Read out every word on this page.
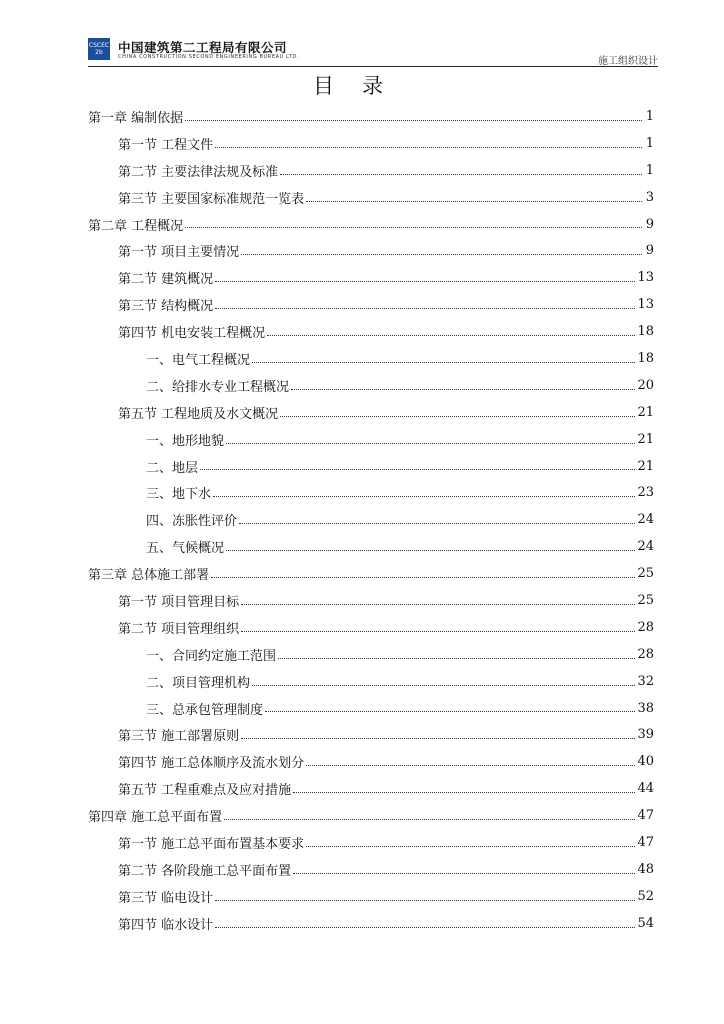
CSCEC 2b	中国建筑第二工程局有限公司
CHINA CONSTRUCTION SECOND ENGINEERING BUREAU LTD.	施工组织设计
目录
第一章 编制依据	1
第一节 工程文件	1
第二节 主要法律法规及标准	1
第三节 主要国家标准规范一览表	3
第二章 工程概况	9
第一节 项目主要情况	9
第二节 建筑概况	13
第三节 结构概况	13
第四节 机电安装工程概况	18
一、电气工程概况	18
二、给排水专业工程概况	20
第五节 工程地质及水文概况	21
一、地形地貌	21
二、地层	21
三、地下水	23
四、冻胀性评价	24
五、气候概况	24
第三章 总体施工部署	25
第一节 项目管理目标	25
第二节 项目管理组织	28
一、合同约定施工范围	28
二、项目管理机构	32
三、总承包管理制度	38
第三节 施工部署原则	39
第四节 施工总体顺序及流水划分	40
第五节 工程重难点及应对措施	44
第四章 施工总平面布置	47
第一节 施工总平面布置基本要求	47
第二节 各阶段施工总平面布置	48
第三节 临电设计	52
第四节 临水设计	54
